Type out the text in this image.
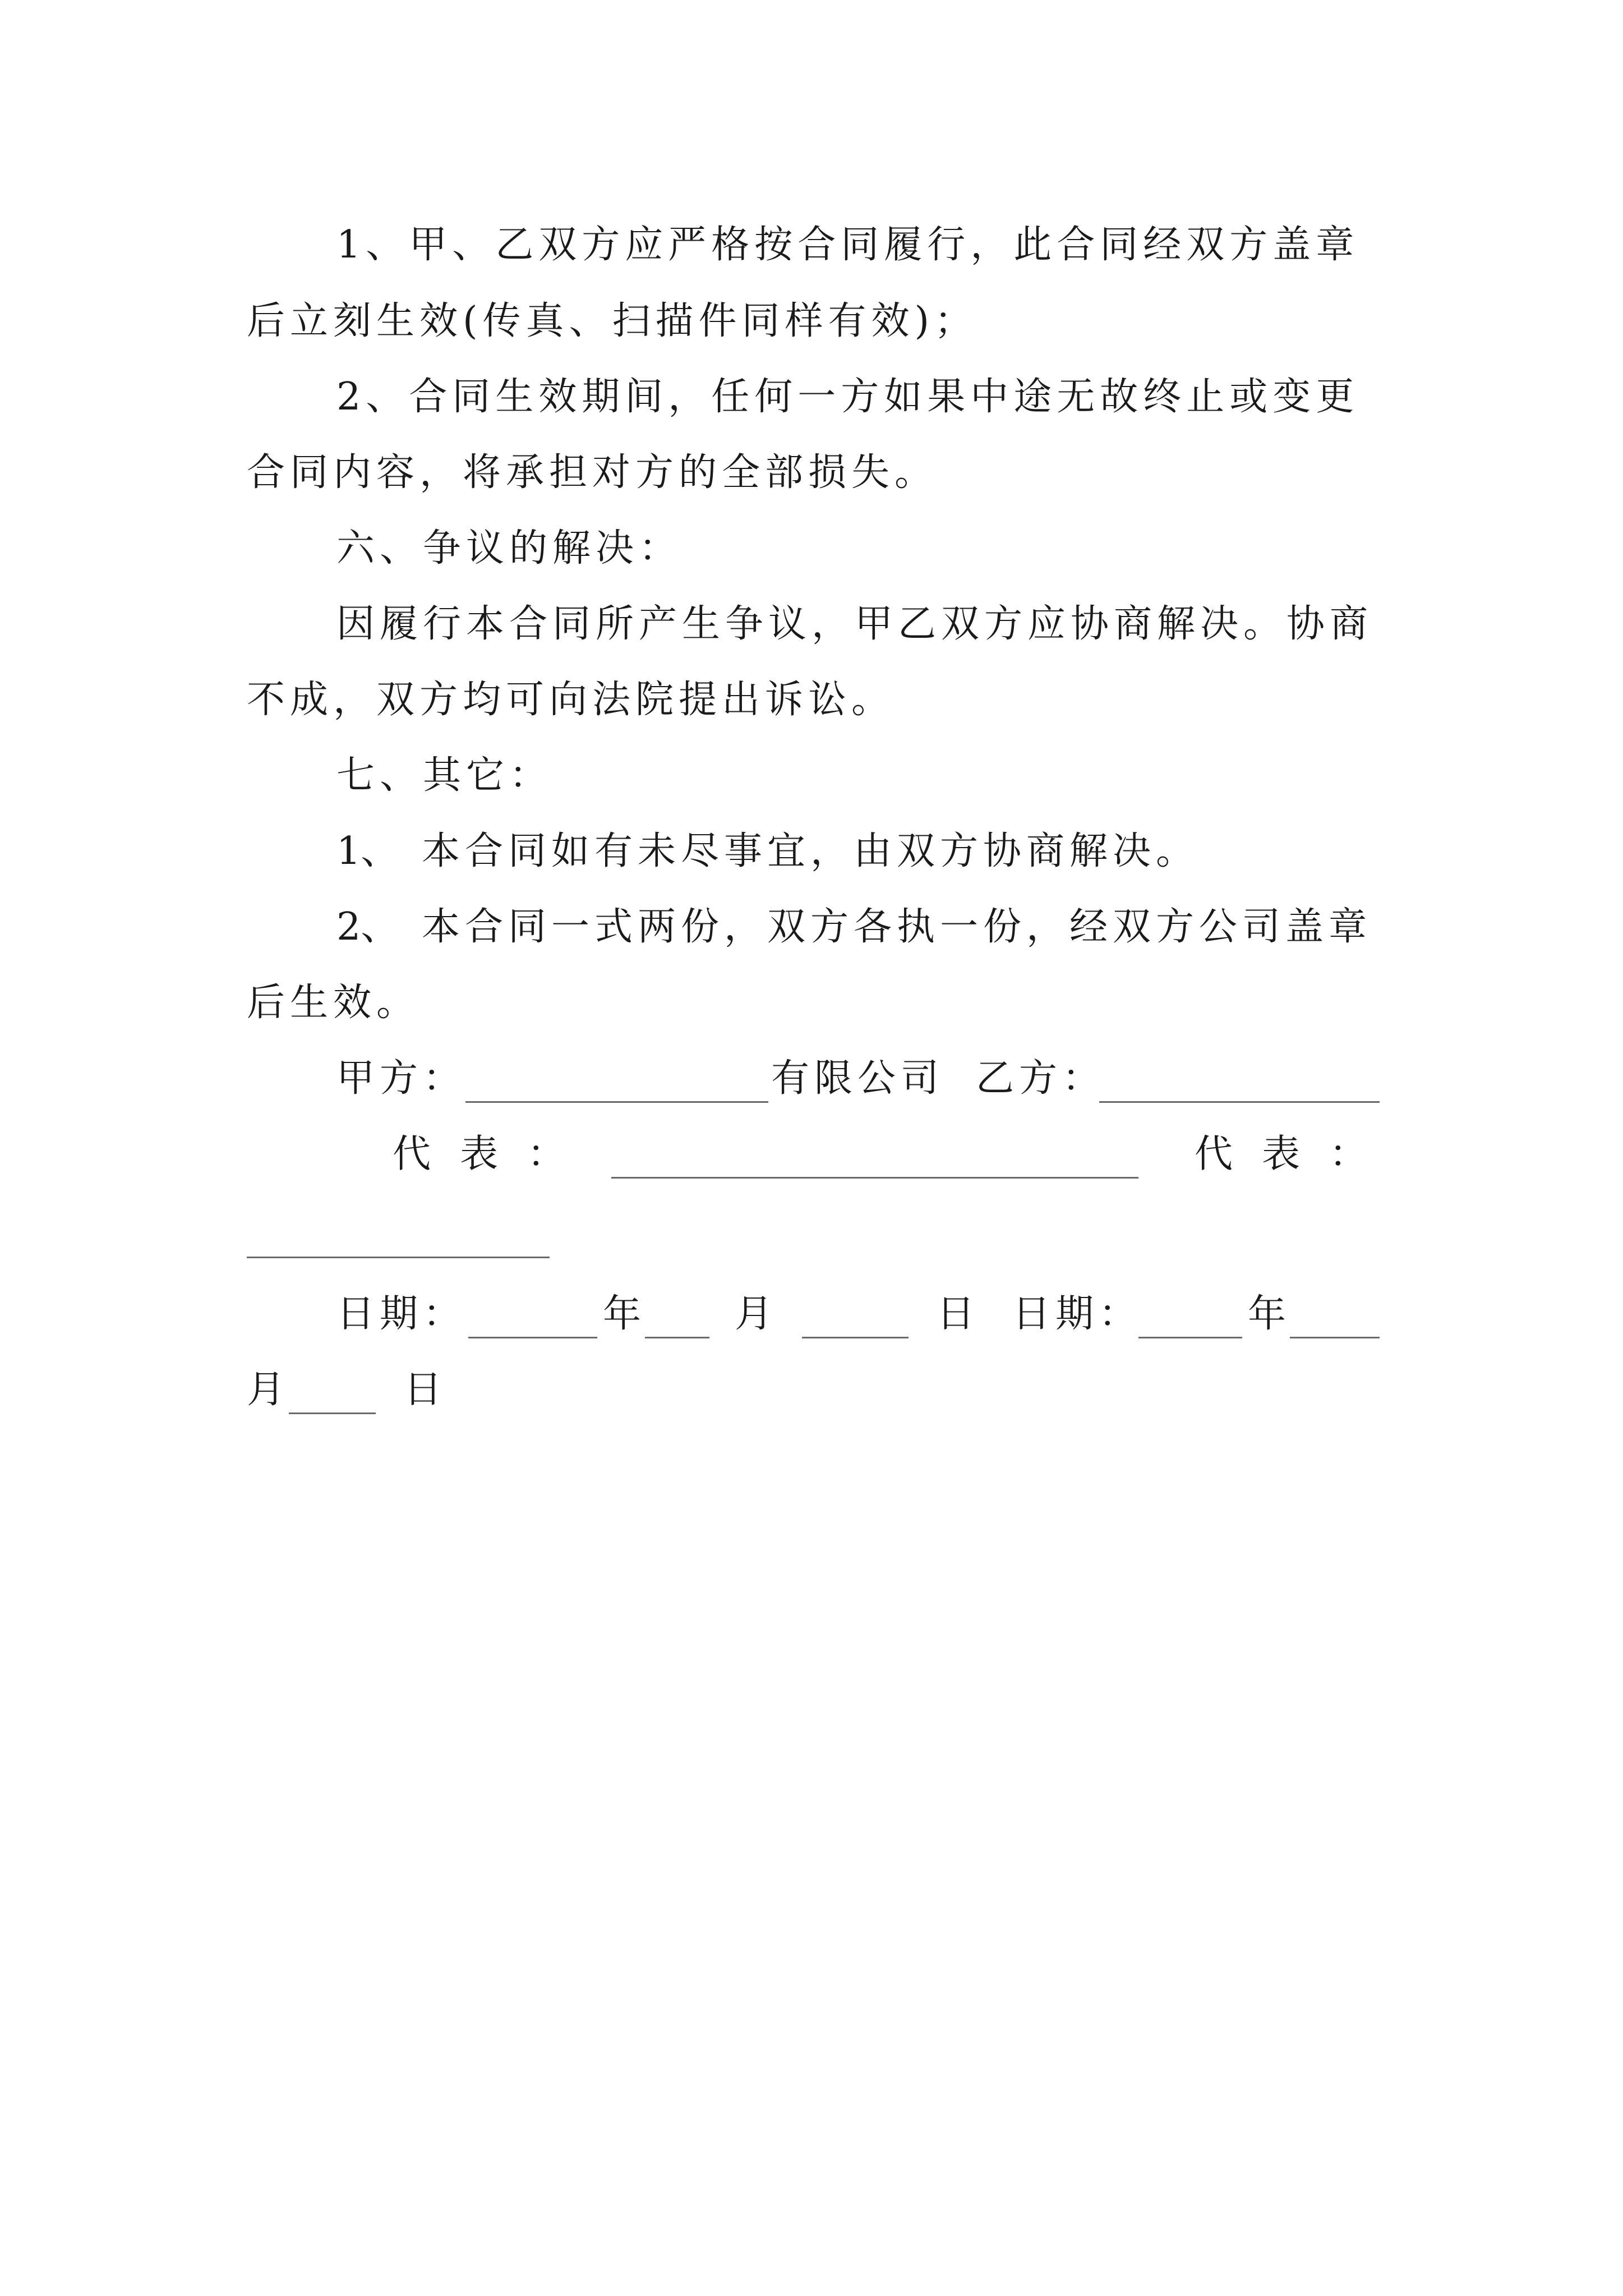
1、甲、乙双方应严格按合同履行，此合同经双方盖章
后立刻生效(传真、扫描件同样有效)；
2、合同生效期间，任何一方如果中途无故终止或变更
合同内容，将承担对方的全部损失。
六、争议的解决：
因履行本合同所产生争议，甲乙双方应协商解决。协商
不成，双方均可向法院提出诉讼。
七、其它：
1、 本合同如有未尽事宜，由双方协商解决。
2、 本合同一式两份，双方各执一份，经双方公司盖章
后生效。
甲方：	有限公司 乙方：
代表：	代表：
日期：	年 月	日 日期：	年
月	日
